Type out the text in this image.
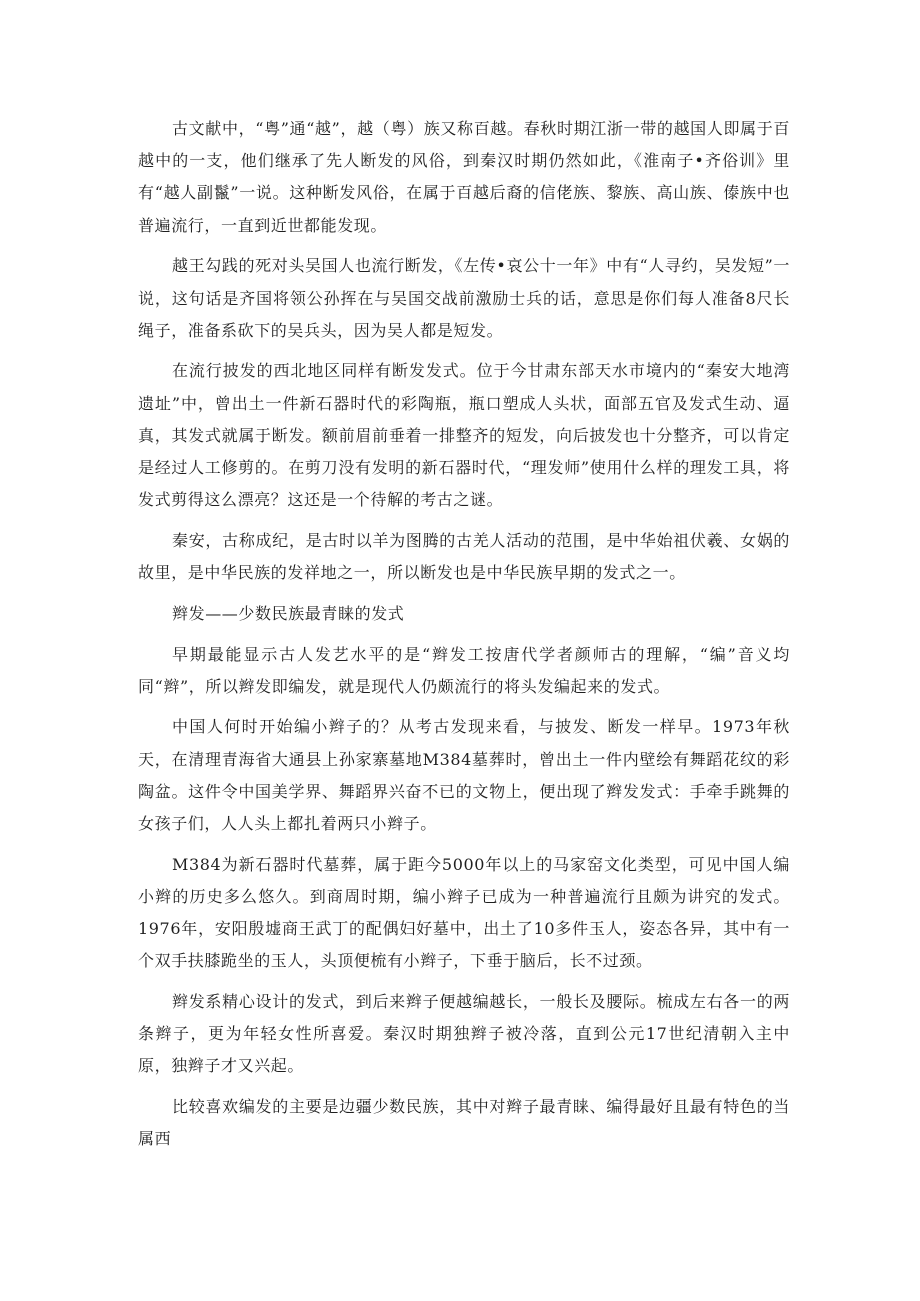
古文献中，“粤”通“越”，越（粤）族又称百越。春秋时期江浙一带的越国人即属于百越中的一支，他们继承了先人断发的风俗，到秦汉时期仍然如此，《淮南子•齐俗训》里有“越人副鬣”一说。这种断发风俗，在属于百越后裔的信佬族、黎族、高山族、傣族中也普遍流行，一直到近世都能发现。

越王勾践的死对头吴国人也流行断发，《左传•哀公十一年》中有“人寻约，吴发短”一说，这句话是齐国将领公孙挥在与吴国交战前激励士兵的话，意思是你们每人准备8尺长绳子，准备系砍下的吴兵头，因为吴人都是短发。

在流行披发的西北地区同样有断发发式。位于今甘肃东部天水市境内的“秦安大地湾遗址”中，曾出土一件新石器时代的彩陶瓶，瓶口塑成人头状，面部五官及发式生动、逼真，其发式就属于断发。额前眉前垂着一排整齐的短发，向后披发也十分整齐，可以肯定是经过人工修剪的。在剪刀没有发明的新石器时代，“理发师”使用什么样的理发工具，将发式剪得这么漂亮？这还是一个待解的考古之谜。

秦安，古称成纪，是古时以羊为图腾的古羌人活动的范围，是中华始祖伏羲、女娲的故里，是中华民族的发祥地之一，所以断发也是中华民族早期的发式之一。

辫发——少数民族最青睐的发式

早期最能显示古人发艺水平的是“辫发工按唐代学者颜师古的理解，“编”音义均同“辫”，所以辫发即编发，就是现代人仍颇流行的将头发编起来的发式。

中国人何时开始编小辫子的？从考古发现来看，与披发、断发一样早。1973年秋天，在清理青海省大通县上孙家寨墓地M384墓葬时，曾出土一件内壁绘有舞蹈花纹的彩陶盆。这件令中国美学界、舞蹈界兴奋不已的文物上，便出现了辫发发式：手牵手跳舞的女孩子们，人人头上都扎着两只小辫子。

M384为新石器时代墓葬，属于距今5000年以上的马家窑文化类型，可见中国人编小辫的历史多么悠久。到商周时期，编小辫子已成为一种普遍流行且颇为讲究的发式。1976年，安阳殷墟商王武丁的配偶妇好墓中，出土了10多件玉人，姿态各异，其中有一个双手扶膝跪坐的玉人，头顶便梳有小辫子，下垂于脑后，长不过颈。

辫发系精心设计的发式，到后来辫子便越编越长，一般长及腰际。梳成左右各一的两条辫子，更为年轻女性所喜爱。秦汉时期独辫子被冷落，直到公元17世纪清朝入主中原，独辫子才又兴起。

比较喜欢编发的主要是边疆少数民族，其中对辫子最青睐、编得最好且最有特色的当属西
